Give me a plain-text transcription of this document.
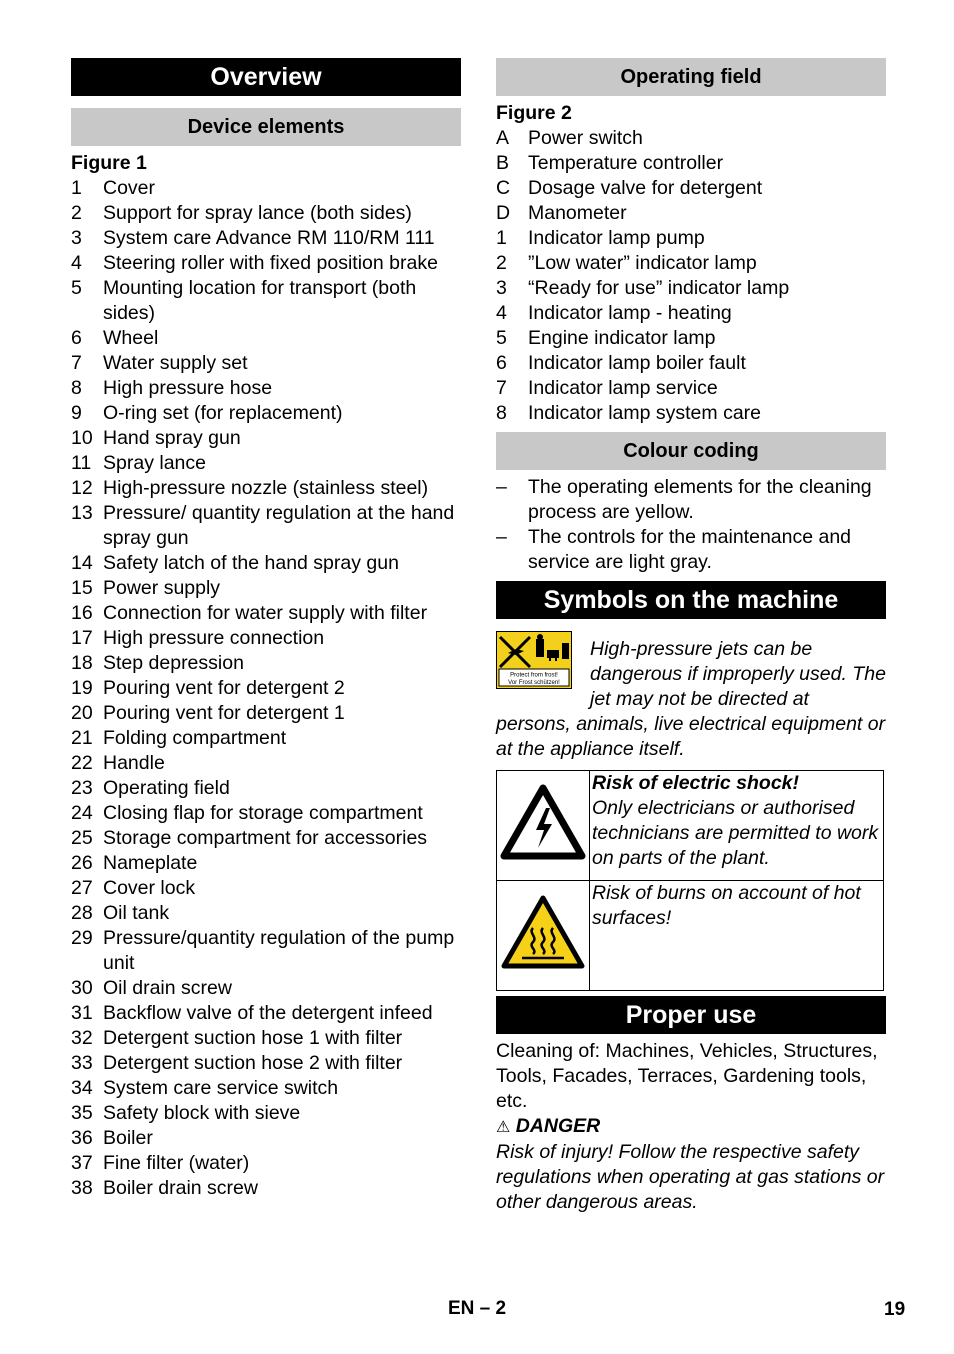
Overview
Device elements
Figure 1
1	Cover
2	Support for spray lance (both sides)
3	System care Advance RM 110/RM 111
4	Steering roller with fixed position brake
5	Mounting location for transport (both sides)
6	Wheel
7	Water supply set
8	High pressure hose
9	O-ring set (for replacement)
10 Hand spray gun
11 Spray lance
12 High-pressure nozzle (stainless steel)
13 Pressure/ quantity regulation at the hand spray gun
14 Safety latch of the hand spray gun
15 Power supply
16 Connection for water supply with filter
17 High pressure connection
18 Step depression
19 Pouring vent for detergent 2
20 Pouring vent for detergent 1
21 Folding compartment
22 Handle
23 Operating field
24 Closing flap for storage compartment
25 Storage compartment for accessories
26 Nameplate
27 Cover lock
28 Oil tank
29 Pressure/quantity regulation of the pump unit
30 Oil drain screw
31 Backflow valve of the detergent infeed
32 Detergent suction hose 1 with filter
33 Detergent suction hose 2 with filter
34 System care service switch
35 Safety block with sieve
36 Boiler
37 Fine filter (water)
38 Boiler drain screw
Operating field
Figure 2
A Power switch
B Temperature controller
C Dosage valve for detergent
D Manometer
1	Indicator lamp pump
2	”Low water” indicator lamp
3	“Ready for use” indicator lamp
4	Indicator lamp - heating
5	Engine indicator lamp
6	Indicator lamp boiler fault
7	Indicator lamp service
8	Indicator lamp system care
Colour coding
–	The operating elements for the cleaning process are yellow.
–	The controls for the maintenance and service are light gray.
Symbols on the machine
Protect from frost!
Vor Frost schützen!
High-pressure jets can be dangerous if improperly used. The jet may not be directed at persons, animals, live electrical equipment or at the appliance itself.

Risk of electric shock!
Only electricians or authorised technicians are permitted to work on parts of the plant.

Risk of burns on account of hot surfaces!
Proper use
Cleaning of: Machines, Vehicles, Structures, Tools, Facades, Terraces, Gardening tools, etc.
⚠ DANGER
Risk of injury! Follow the respective safety regulations when operating at gas stations or other dangerous areas.
EN – 2	19
